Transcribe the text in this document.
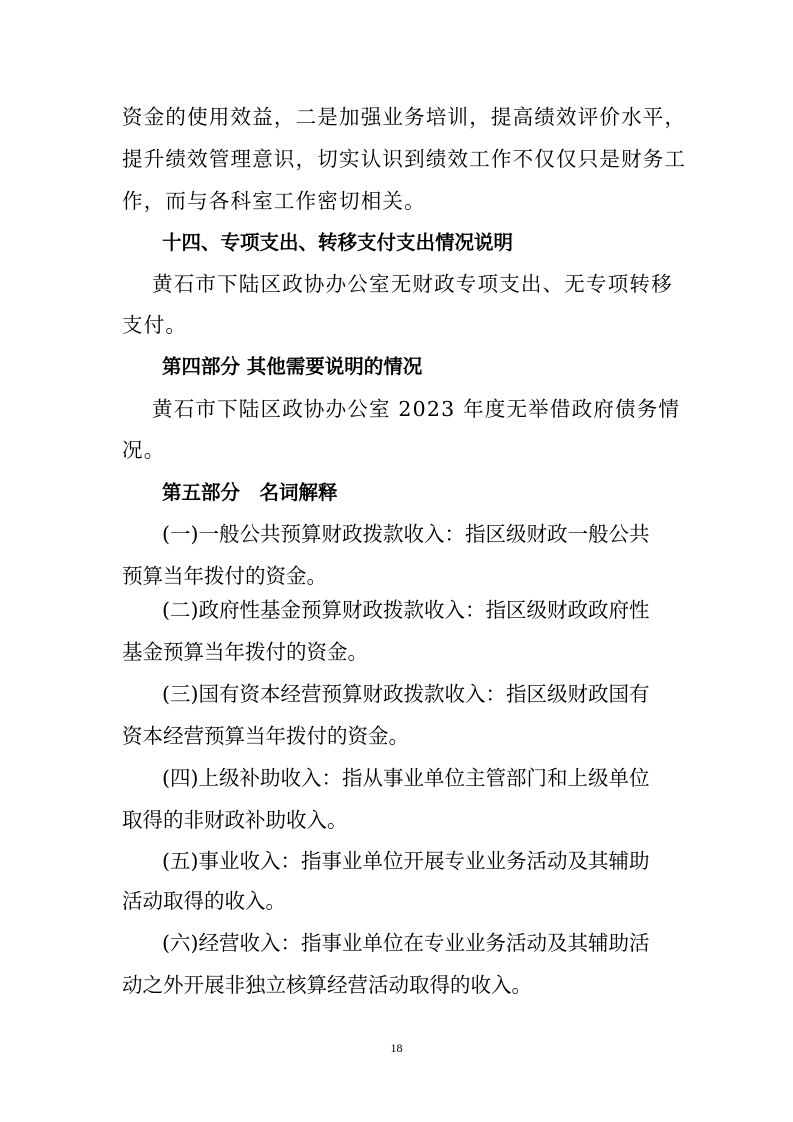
资金的使用效益，二是加强业务培训，提高绩效评价水平，
提升绩效管理意识，切实认识到绩效工作不仅仅只是财务工
作，而与各科室工作密切相关。
十四、专项支出、转移支付支出情况说明
黄石市下陆区政协办公室无财政专项支出、无专项转移
支付。
第四部分 其他需要说明的情况
黄石市下陆区政协办公室 2023 年度无举借政府债务情
况。
第五部分　名词解释
(一)一般公共预算财政拨款收入：指区级财政一般公共
预算当年拨付的资金。
(二)政府性基金预算财政拨款收入：指区级财政政府性
基金预算当年拨付的资金。
(三)国有资本经营预算财政拨款收入：指区级财政国有
资本经营预算当年拨付的资金。
(四)上级补助收入：指从事业单位主管部门和上级单位
取得的非财政补助收入。
(五)事业收入：指事业单位开展专业业务活动及其辅助
活动取得的收入。
(六)经营收入：指事业单位在专业业务活动及其辅助活
动之外开展非独立核算经营活动取得的收入。
18
